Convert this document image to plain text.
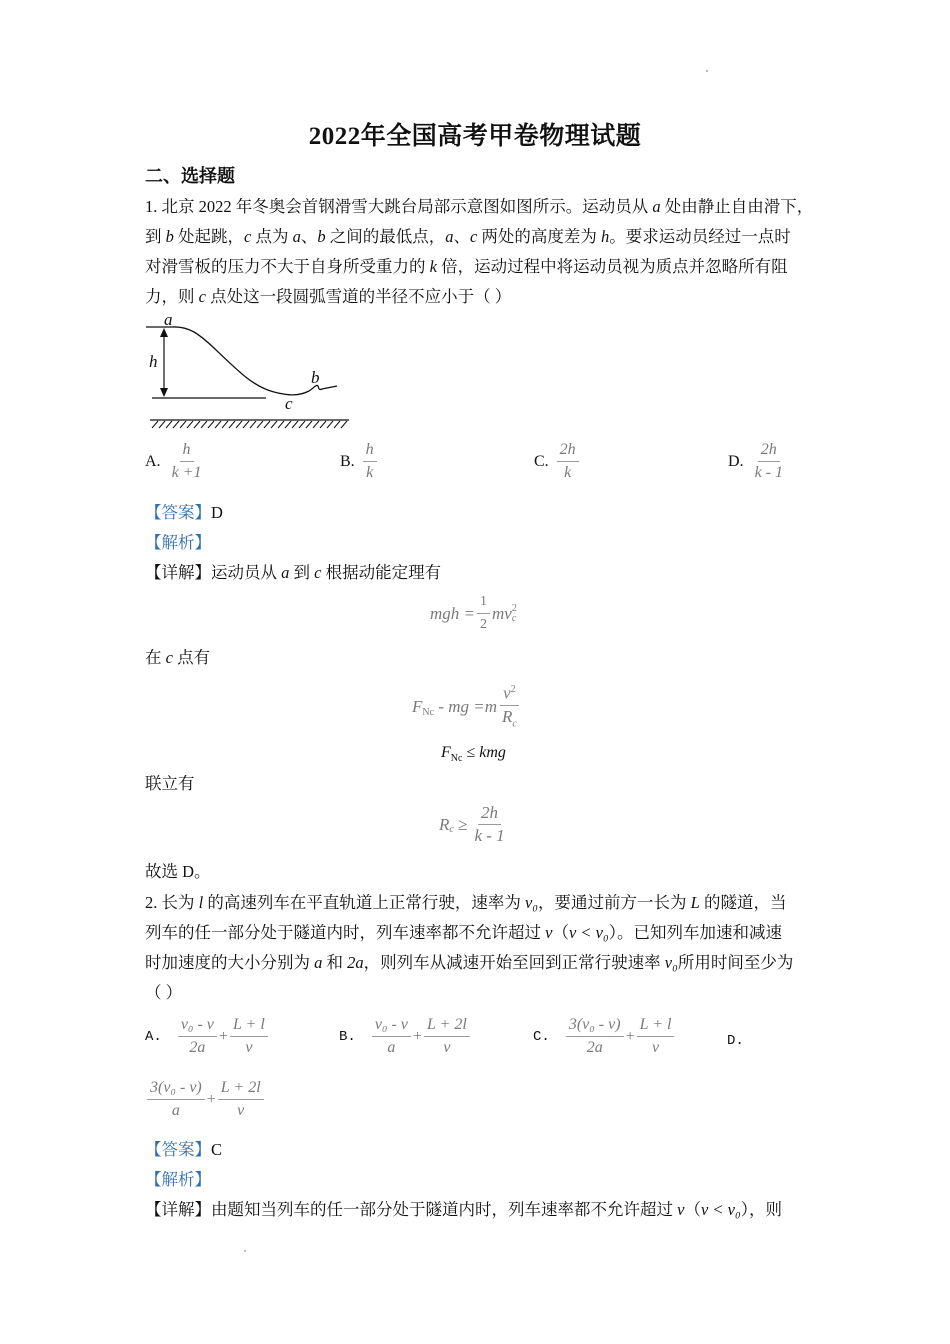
2022年全国高考甲卷物理试题
二、选择题
1. 北京 2022 年冬奥会首钢滑雪大跳台局部示意图如图所示。运动员从 a 处由静止自由滑下，
到 b 处起跳，c 点为 a、b 之间的最低点，a、c 两处的高度差为 h。要求运动员经过一点时
对滑雪板的压力不大于自身所受重力的 k 倍，运动过程中将运动员视为质点并忽略所有阻
力，则 c 点处这一段圆弧雪道的半径不应小于（ ）
a
h
b
c
A. $\frac{h}{k +1}$	B. $\frac{h}{k}$	C. $\frac{2h}{k}$	D. $\frac{2h}{k - 1}$
【答案】D
【解析】
【详解】运动员从 a 到 c 根据动能定理有
mgh = $\frac{1}{2}$ mv 2
c
在 c 点有
$F_{Nc}$ - mg $=m \frac{v^2}{R_c}$
$F_{Nc}$ ≤ kmg
联立有
$R_c \ge \frac{2h}{k - 1}$
故选 D。
2. 长为 l 的高速列车在平直轨道上正常行驶，速率为 v₀，要通过前方一长为 L 的隧道，当
列车的任一部分处于隧道内时，列车速率都不允许超过 v（v < v₀）。已知列车加速和减速
时加速度的大小分别为 a 和 2a，则列车从减速开始至回到正常行驶速率 v₀所用时间至少为
（ ）
A. $\frac{\text{v₀ - v}}{2a} + \frac{L + l}{v}$	B. $\frac{\text{v₀ - v}}{a} + \frac{L + 2l}{v}$	C. $\frac{\text{3(v₀ - v)}}{2a} + \frac{L + l}{v}$	D.
$\frac{\text{3(v₀ - v)}}{a} + \frac{L + 2l}{v}$
【答案】C
【解析】
【详解】由题知当列车的任一部分处于隧道内时，列车速率都不允许超过 v（v < v₀），则
